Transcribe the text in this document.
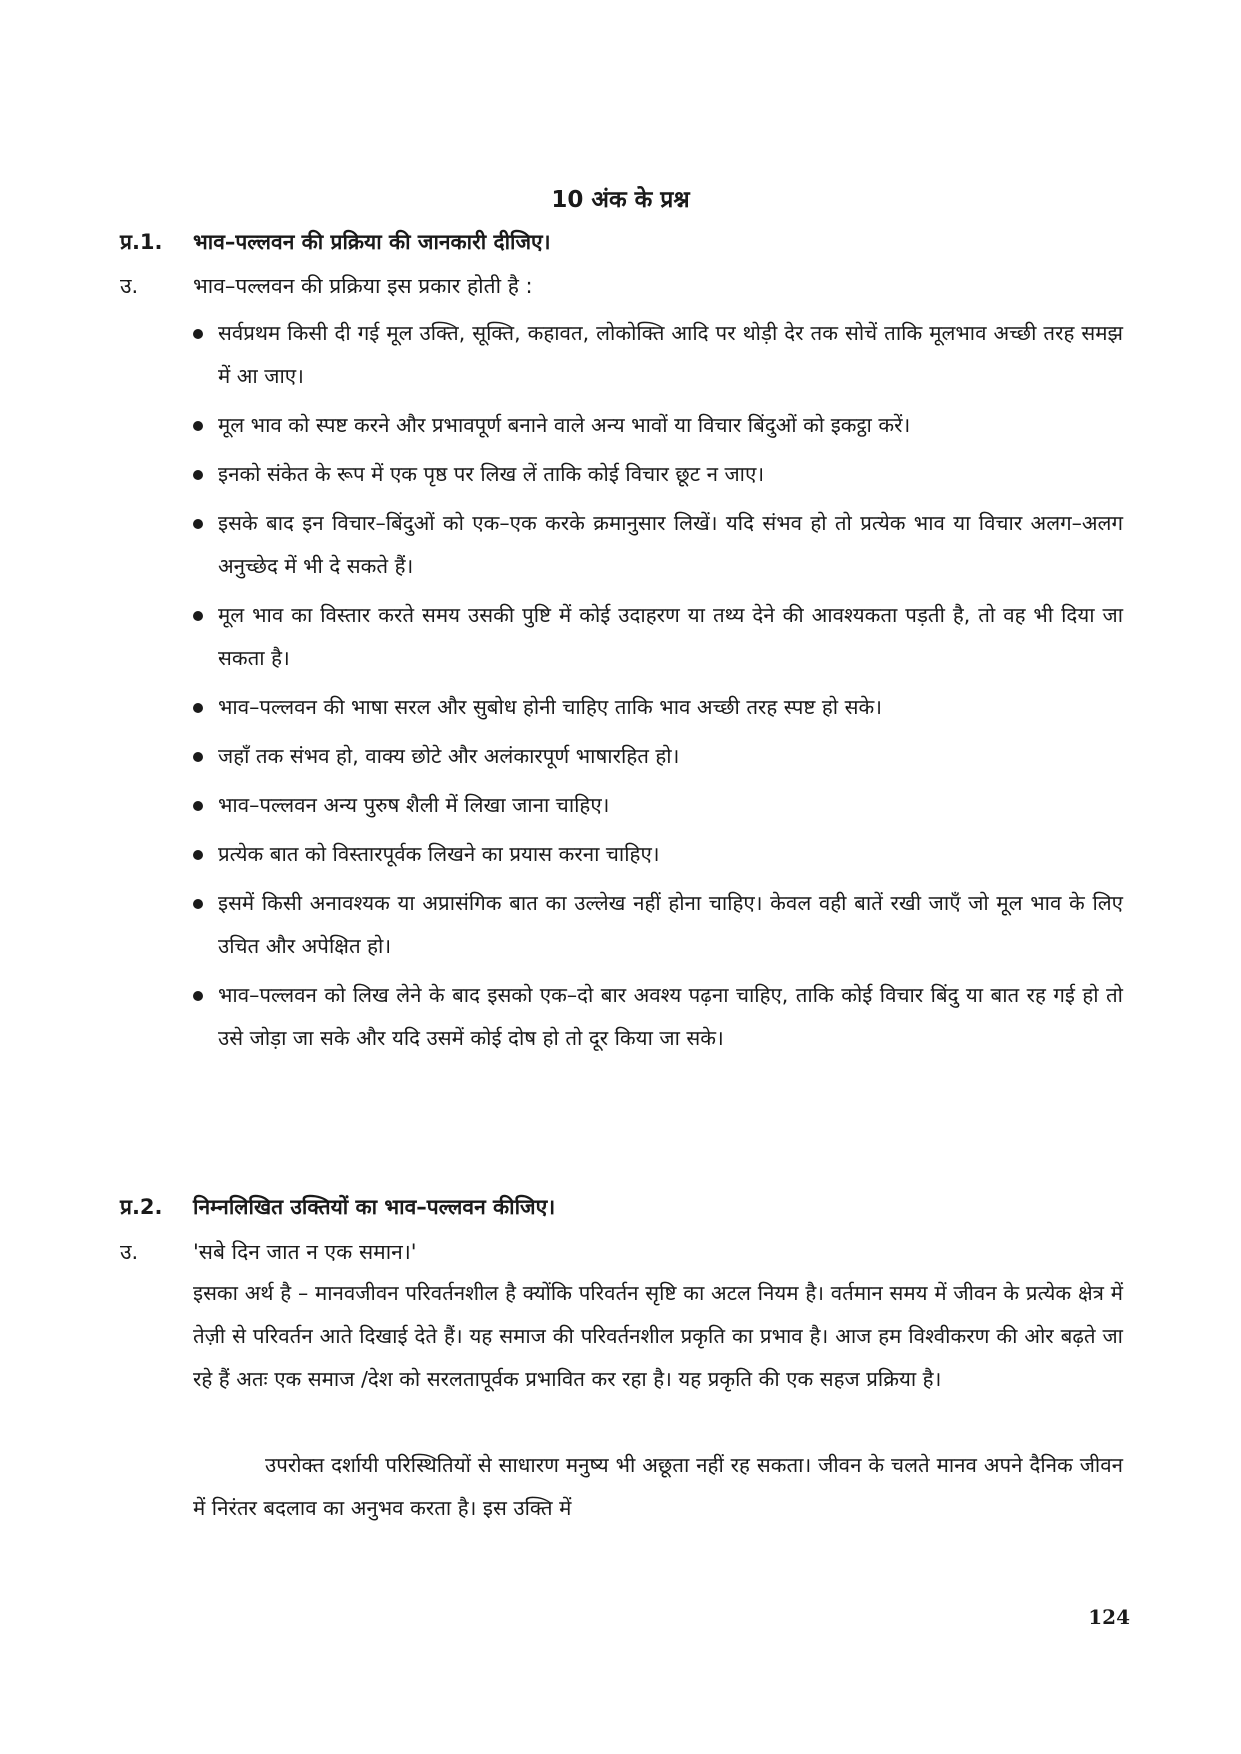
10 अंक के प्रश्न
प्र.1. भाव–पल्लवन की प्रक्रिया की जानकारी दीजिए।
उ.	भाव–पल्लवन की प्रक्रिया इस प्रकार होती है :
सर्वप्रथम किसी दी गई मूल उक्ति, सूक्ति, कहावत, लोकोक्ति आदि पर थोड़ी देर तक सोचें ताकि मूलभाव अच्छी तरह समझ में आ जाए।
मूल भाव को स्पष्ट करने और प्रभावपूर्ण बनाने वाले अन्य भावों या विचार बिंदुओं को इकट्ठा करें।
इनको संकेत के रूप में एक पृष्ठ पर लिख लें ताकि कोई विचार छूट न जाए।
इसके बाद इन विचार–बिंदुओं को एक–एक करके क्रमानुसार लिखें। यदि संभव हो तो प्रत्येक भाव या विचार अलग–अलग अनुच्छेद में भी दे सकते हैं।
मूल भाव का विस्तार करते समय उसकी पुष्टि में कोई उदाहरण या तथ्य देने की आवश्यकता पड़ती है, तो वह भी दिया जा सकता है।
भाव–पल्लवन की भाषा सरल और सुबोध होनी चाहिए ताकि भाव अच्छी तरह स्पष्ट हो सके।
जहाँ तक संभव हो, वाक्य छोटे और अलंकारपूर्ण भाषारहित हो।
भाव–पल्लवन अन्य पुरुष शैली में लिखा जाना चाहिए।
प्रत्येक बात को विस्तारपूर्वक लिखने का प्रयास करना चाहिए।
इसमें किसी अनावश्यक या अप्रासंगिक बात का उल्लेख नहीं होना चाहिए। केवल वही बातें रखी जाएँ जो मूल भाव के लिए उचित और अपेक्षित हो।
भाव–पल्लवन को लिख लेने के बाद इसको एक–दो बार अवश्य पढ़ना चाहिए, ताकि कोई विचार बिंदु या बात रह गई हो तो उसे जोड़ा जा सके और यदि उसमें कोई दोष हो तो दूर किया जा सके।
प्र.2. निम्नलिखित उक्तियों का भाव–पल्लवन कीजिए।
उ.	'सबे दिन जात न एक समान।'

इसका अर्थ है – मानवजीवन परिवर्तनशील है क्योंकि परिवर्तन सृष्टि का अटल नियम है। वर्तमान समय में जीवन के प्रत्येक क्षेत्र में तेज़ी से परिवर्तन आते दिखाई देते हैं। यह समाज की परिवर्तनशील प्रकृति का प्रभाव है। आज हम विश्वीकरण की ओर बढ़ते जा रहे हैं अतः एक समाज /देश को सरलतापूर्वक प्रभावित कर रहा है। यह प्रकृति की एक सहज प्रक्रिया है।

उपरोक्त दर्शायी परिस्थितियों से साधारण मनुष्य भी अछूता नहीं रह सकता। जीवन के चलते मानव अपने दैनिक जीवन में निरंतर बदलाव का अनुभव करता है। इस उक्ति में

124
